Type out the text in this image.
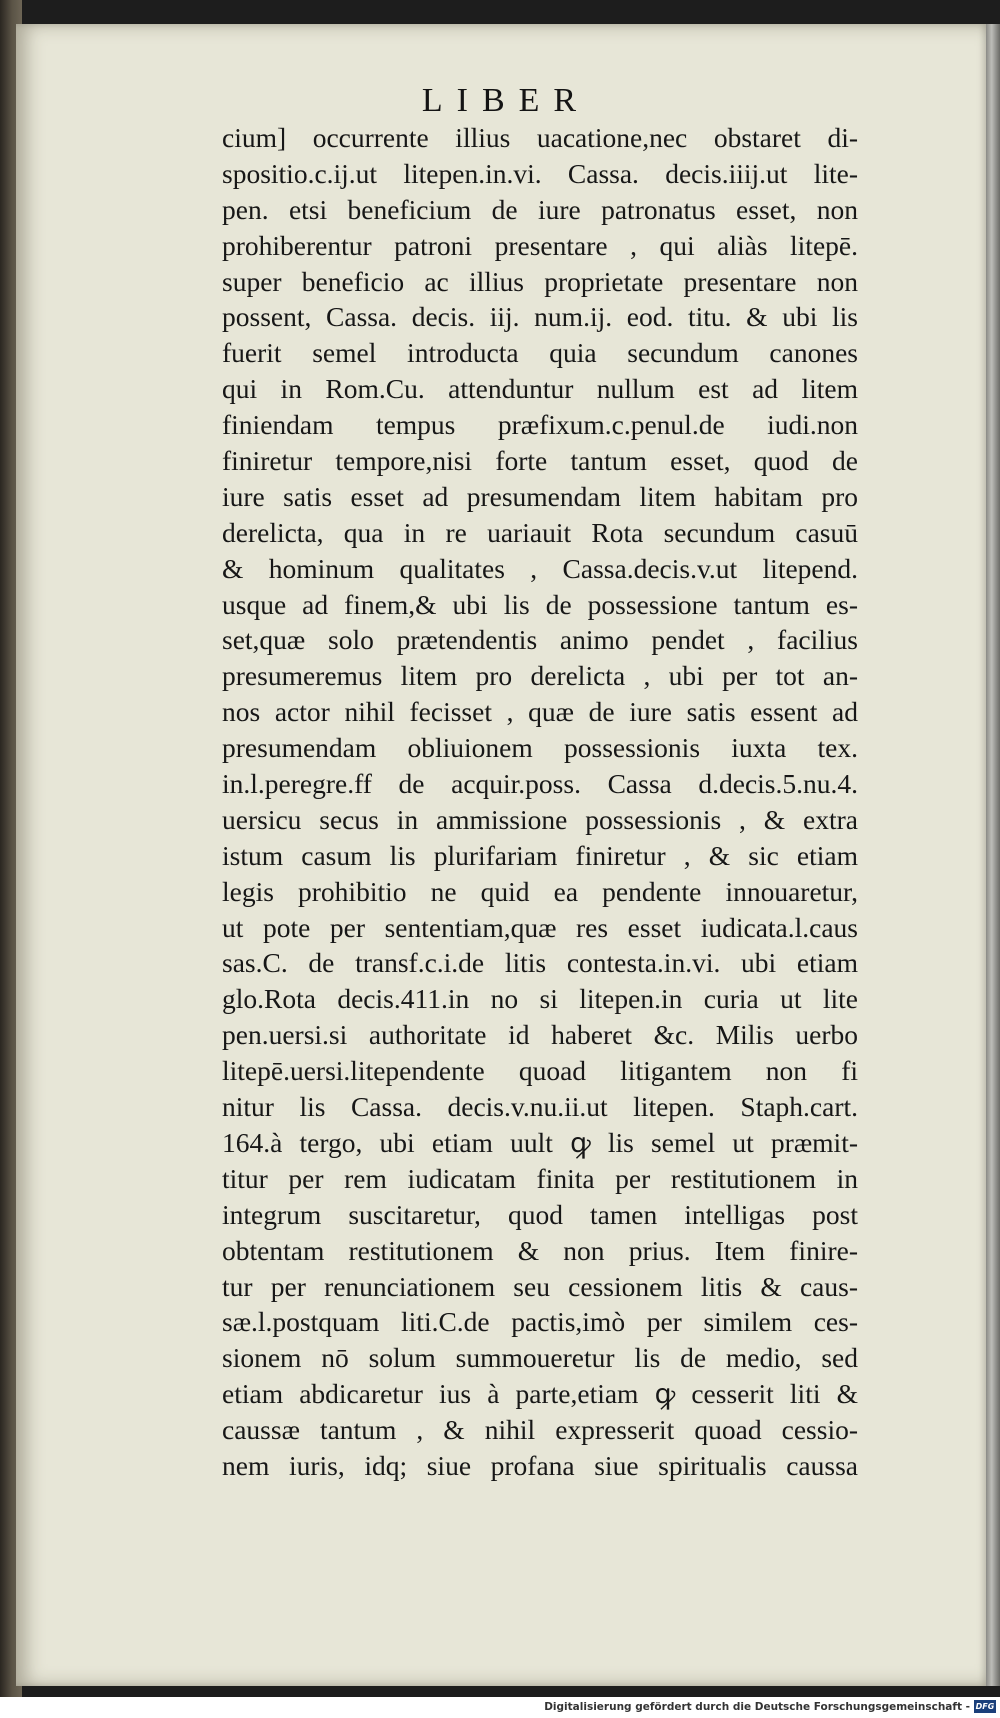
LIBER
cium] occurrente illius uacatione,nec obstaret di-
spositio.c.ij.ut litepen.in.vi. Cassa. decis.iiij.ut lite-
pen. etsi beneficium de iure patronatus esset, non
prohiberentur patroni presentare , qui aliàs litepē.
super beneficio ac illius proprietate presentare non
possent, Cassa. decis. iij. num.ij. eod. titu. & ubi lis
fuerit semel introducta quia secundum canones
qui in Rom.Cu. attenduntur nullum est ad litem
finiendam tempus præfixum.c.penul.de iudi.non
finiretur tempore,nisi forte tantum esset, quod de
iure satis esset ad presumendam litem habitam pro
derelicta, qua in re uariauit Rota secundum casuū
& hominum qualitates , Cassa.decis.v.ut litepend.
usque ad finem,& ubi lis de possessione tantum es-
set,quæ solo prætendentis animo pendet , facilius
presumeremus litem pro derelicta , ubi per tot an-
nos actor nihil fecisset , quæ de iure satis essent ad
presumendam obliuionem possessionis iuxta tex.
in.l.peregre.ff de acquir.poss. Cassa d.decis.5.nu.4.
uersicu secus in ammissione possessionis , & extra
istum casum lis plurifariam finiretur , & sic etiam
legis prohibitio ne quid ea pendente innouaretur,
ut pote per sententiam,quæ res esset iudicata.l.caus
sas.C. de transf.c.i.de litis contesta.in.vi. ubi etiam
glo.Rota decis.411.in no si litepen.in curia ut lite
pen.uersi.si authoritate id haberet &c. Milis uerbo
litepē.uersi.litependente quoad litigantem non fi
nitur lis Cassa. decis.v.nu.ii.ut litepen. Staph.cart.
164.à tergo, ubi etiam uult ꝙ lis semel ut præmit-
titur per rem iudicatam finita per restitutionem in
integrum suscitaretur, quod tamen intelligas post
obtentam restitutionem & non prius. Item finire-
tur per renunciationem seu cessionem litis & caus-
sæ.l.postquam liti.C.de pactis,imò per similem ces-
sionem nō solum summoueretur lis de medio, sed
etiam abdicaretur ius à parte,etiam ꝙ cesserit liti &
caussæ tantum , & nihil expresserit quoad cessio-
nem iuris, idq; siue profana siue spiritualis caussa
Digitalisierung gefördert durch die Deutsche Forschungsgemeinschaft - DFG
